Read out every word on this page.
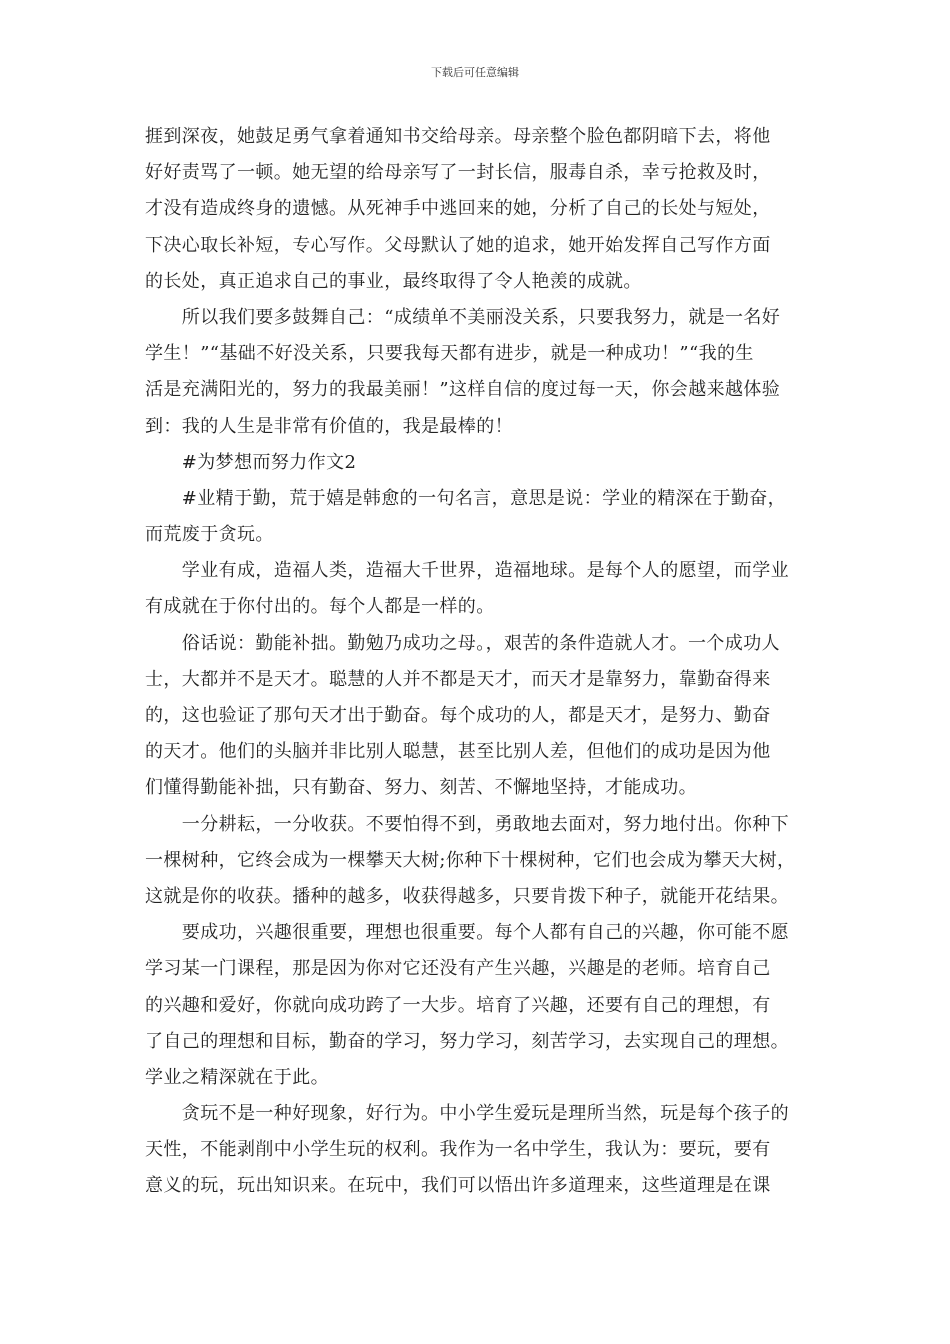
下载后可任意编辑
捱到深夜，她鼓足勇气拿着通知书交给母亲。母亲整个脸色都阴暗下去，将他
好好责骂了一顿。她无望的给母亲写了一封长信，服毒自杀，幸亏抢救及时，
才没有造成终身的遗憾。从死神手中逃回来的她，分析了自己的长处与短处，
下决心取长补短，专心写作。父母默认了她的追求，她开始发挥自己写作方面
的长处，真正追求自己的事业，最终取得了令人艳羡的成就。
　　所以我们要多鼓舞自己：“成绩单不美丽没关系，只要我努力，就是一名好
学生！”“基础不好没关系，只要我每天都有进步，就是一种成功！”“我的生
活是充满阳光的，努力的我最美丽！”这样自信的度过每一天，你会越来越体验
到：我的人生是非常有价值的，我是最棒的！
　　#为梦想而努力作文2
　　#业精于勤，荒于嬉是韩愈的一句名言，意思是说：学业的精深在于勤奋，
而荒废于贪玩。
　　学业有成，造福人类，造福大千世界，造福地球。是每个人的愿望，而学业
有成就在于你付出的。每个人都是一样的。
　　俗话说：勤能补拙。勤勉乃成功之母。，艰苦的条件造就人才。一个成功人
士，大都并不是天才。聪慧的人并不都是天才，而天才是靠努力，靠勤奋得来
的，这也验证了那句天才出于勤奋。每个成功的人，都是天才，是努力、勤奋
的天才。他们的头脑并非比别人聪慧，甚至比别人差，但他们的成功是因为他
们懂得勤能补拙，只有勤奋、努力、刻苦、不懈地坚持，才能成功。
　　一分耕耘，一分收获。不要怕得不到，勇敢地去面对，努力地付出。你种下
一棵树种，它终会成为一棵攀天大树;你种下十棵树种，它们也会成为攀天大树，
这就是你的收获。播种的越多，收获得越多，只要肯拨下种子，就能开花结果。
　　要成功，兴趣很重要，理想也很重要。每个人都有自己的兴趣，你可能不愿
学习某一门课程，那是因为你对它还没有产生兴趣，兴趣是的老师。培育自己
的兴趣和爱好，你就向成功跨了一大步。培育了兴趣，还要有自己的理想，有
了自己的理想和目标，勤奋的学习，努力学习，刻苦学习，去实现自己的理想。
学业之精深就在于此。
　　贪玩不是一种好现象，好行为。中小学生爱玩是理所当然，玩是每个孩子的
天性，不能剥削中小学生玩的权利。我作为一名中学生，我认为：要玩，要有
意义的玩，玩出知识来。在玩中，我们可以悟出许多道理来，这些道理是在课
